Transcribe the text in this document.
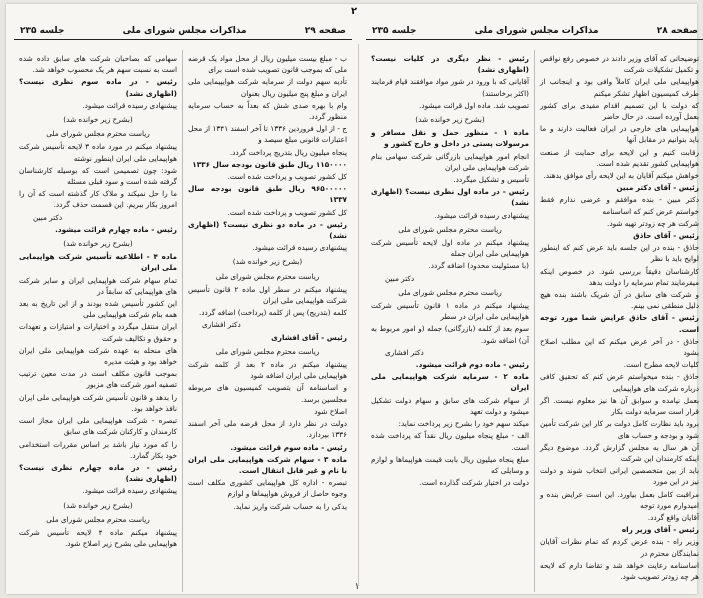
۲
صفحه ۲۹
مذاکرات مجلس شورای ملی
جلسه ۲۳۵

ب - مبلغ بیست میلیون ریال از محل مواد یک قرضه ملی که بموجب قانون تصویب شده است برای

تأدیه سهم دولت از سرمایه شرکت هوایپیمایی ملی ایران و مبلغ پنج میلیون ریال بعنوان

وام با بهره صدی شش که بعداً به حساب سرمایه منظور گردد.

ج - از اول فروردین ۱۳۳۶ تا آخر اسفند ۱۳۴۱ از محل اعتبارات قانونی مبلغ سیصد و

پنجاه میلیون ریال بتدریج پرداخت گردد.

۱۱۵۰۰۰۰ ریال طبق قانون بودجه سال ۱۳۳۶

کل کشور تصویب و پرداخت شده است.

۹۶۵۰۰۰۰۰ ریال طبق قانون بودجه سال ۱۳۳۷

کل کشور تصویب و پرداخت شده است.

رئیس - در ماده دو نظری نیست؟ (اظهاری نشد)

پیشنهادی رسیده قرائت میشود.

(بشرح زیر خوانده شد)

ریاست محترم مجلس شورای ملی

پیشنهاد میکنم در سطر اول ماده ۲ قانون تأسیس شرکت هواپیمایی ملی ایران

کلمه (بتدریج) پس از کلمه (پرداخت) اضافه گردد.

دکتر افشاری

رئیس - آقای افشاری

ریاست محترم مجلس شورای ملی

پیشنهاد میکنم در ماده ۲ بعد از کلمه شرکت هواپیمایی ملی ایران اضافه شود

و اساسنامه آن بتصویب کمیسیون های مربوطه مجلسین برسد.

اصلاح شود

دولت در نظر دارد از محل قرضه ملی آخر اسفند ۱۳۳۶ بپردازد.

رئیس - ماده سوم قرائت میشود.

ماده ۳ - سهام شرکت هواپیمایی ملی ایران با نام و غیر قابل انتقال است.

تبصره - اداره کل هواپیمایی کشوری مکلف است وجوه حاصل از فروش هواپیماها و لوازم

یدکی را به حساب شرکت واریز نماید.

سهامی که بصاحبان شرکت های سابق داده شده است به نسبت سهم هر یک محسوب خواهد شد.

رئیس - در ماده سوم نظری نیست؟ (اظهاری نشد)

پیشنهادی رسیده قرائت میشود.

(بشرح زیر خوانده شد)

ریاست محترم مجلس شورای ملی

پیشنهاد میکنم در مورد ماده ۳ لایحه تأسیس شرکت هواپیمایی ملی ایران اینطور نوشته

شود: چون تصمیمی است که بوسیله کارشناسان گرفته شده است و سود قبلی مسئله

ما را حل نمیکند و ملاک کار گذشته است که آن را امروز بکار ببریم. این قسمت حذف گردد.

دکتر مبین

رئیس - ماده چهارم قرائت میشود.

(بشرح زیر خوانده شد)

ماده ۴ - اطلاعیه تأسیس شرکت هواپیمایی ملی ایران

تمام سهام شرکت هواپیمایی ایران و سایر شرکت های هواپیمایی که سابقاً در

این کشور تأسیس شده بودند و از این تاریخ به بعد همه بنام شرکت هواپیمایی ملی

ایران منتقل میگردد و اختیارات و امتیازات و تعهدات و حقوق و تکالیف شرکت

های منحله به عهده شرکت هواپیمایی ملی ایران خواهد بود و هیئت مدیره

بموجب قانون مکلف است در مدت معین ترتیب تصفیه امور شرکت های مزبور

را بدهد و قانون تأسیس شرکت هواپیمایی ملی ایران نافذ خواهد بود.

تبصره - شرکت هواپیمایی ملی ایران مجاز است کارمندان و کارکنان شرکت های سابق

را که مورد نیاز باشد بر اساس مقررات استخدامی خود بکار گمارد.

رئیس - در ماده چهارم نظری نیست؟ (اظهاری نشد)

پیشنهادی رسیده قرائت میشود.

(بشرح زیر خوانده شد)

ریاست محترم مجلس شورای ملی

پیشنهاد میکنم ماده ۴ لایحه تأسیس شرکت هواپیمایی ملی بشرح زیر اصلاح شود.

صفحه ۲۸
مذاکرات مجلس شورای ملی
جلسه ۲۳۵

توضیحاتی که آقای وزیر دادند در خصوص رفع نواقص و تکمیل تشکیلات شرکت

هواپیمایی ملی ایران کاملاً وافی بود و اینجانب از طرف کمیسیون اظهار تشکر میکنم

که دولت با این تصمیم اقدام مفیدی برای کشور بعمل آورده است. در حال حاضر

هواپیمایی های خارجی در ایران فعالیت دارند و ما باید بتوانیم در مقابل آنها

رقابت کنیم و این لایحه برای حمایت از صنعت هواپیمایی کشور تقدیم شده است.

خواهش میکنم آقایان به این لایحه رأی موافق بدهند.

رئیس - آقای دکتر مبین

دکتر مبین - بنده موافقم و عرضی ندارم فقط خواستم عرض کنم که اساسنامه

شرکت هر چه زودتر تهیه شود.

رئیس - آقای حاذق

حاذق - بنده در این جلسه باید عرض کنم که اینطور لوایح باید با نظر

کارشناسان دقیقاً بررسی شود. در خصوص اینکه میفرمایند تمام سرمایه را دولت بدهد

و شرکت های سابق در آن شریک باشند بنده هیچ دلیل منطقی نمی بینم.

رئیس - آقای حاذق عرایض شما مورد توجه است.

حاذق - در آخر عرض میکنم که این مطلب اصلاح بشود

کلیات لایحه مطرح است.

حاذق - بنده میخواستم عرض کنم که تحقیق کافی درباره شرکت های هواپیمایی

بعمل نیامده و سوابق آن ها نیز معلوم نیست. اگر قرار است سرمایه دولت بکار

برود باید نظارت کامل دولت بر کار این شرکت تأمین شود و بودجه و حساب های

آن هر سال به مجلس گزارش گردد. موضوع دیگر اینکه کارمندان این شرکت

باید از بین متخصصین ایرانی انتخاب شوند و دولت نیز در این مورد

مراقبت کامل بعمل بیاورد. این است عرایض بنده و امیدوارم مورد توجه

آقایان واقع گردد.

رئیس - آقای وزیر راه

وزیر راه - بنده عرض کردم که تمام نظرات آقایان نمایندگان محترم در

اساسنامه رعایت خواهد شد و تقاضا دارم که لایحه هر چه زودتر تصویب شود.

رئیس - نظر دیگری در کلیات نیست؟ (اظهاری نشد)

آقایانی که با ورود در شور مواد موافقند قیام فرمایند (اکثر برخاستند)

تصویب شد. ماده اول قرائت میشود.

(بشرح زیر خوانده شد)

ماده ۱ - منظور حمل و نقل مسافر و مرسولات پستی در داخل و خارج کشور و

انجام امور هواپیمایی بازرگانی شرکت سهامی بنام شرکت هواپیمایی ملی ایران

تأسیس و تشکیل میگردد.

رئیس - در ماده اول نظری نیست؟ (اظهاری نشد)

پیشنهادی رسیده قرائت میشود.

ریاست محترم مجلس شورای ملی

پیشنهاد میکنم در ماده اول لایحه تأسیس شرکت هواپیمایی ملی ایران جمله

(با مسئولیت محدود) اضافه گردد.

دکتر مبین

ریاست محترم مجلس شورای ملی

پیشنهاد میکنم در ماده ۱ قانون تأسیس شرکت هواپیمایی ملی ایران در سطر

سوم بعد از کلمه (بازرگانی) جمله (و امور مربوط به آن) اضافه شود.

دکتر افشاری

رئیس - ماده دوم قرائت میشود.

ماده ۲ - سرمایه شرکت هواپیمایی ملی ایران

از سهام شرکت های سابق و سهام دولت تشکیل میشود و دولت تعهد

میکند سهم خود را بشرح زیر پرداخت نماید:

الف - مبلغ پنجاه میلیون ریال نقداً که پرداخت شده است.

مبلغ پنجاه میلیون ریال بابت قیمت هواپیماها و لوازم و وسایلی که

دولت در اختیار شرکت گذارده است.

۱
